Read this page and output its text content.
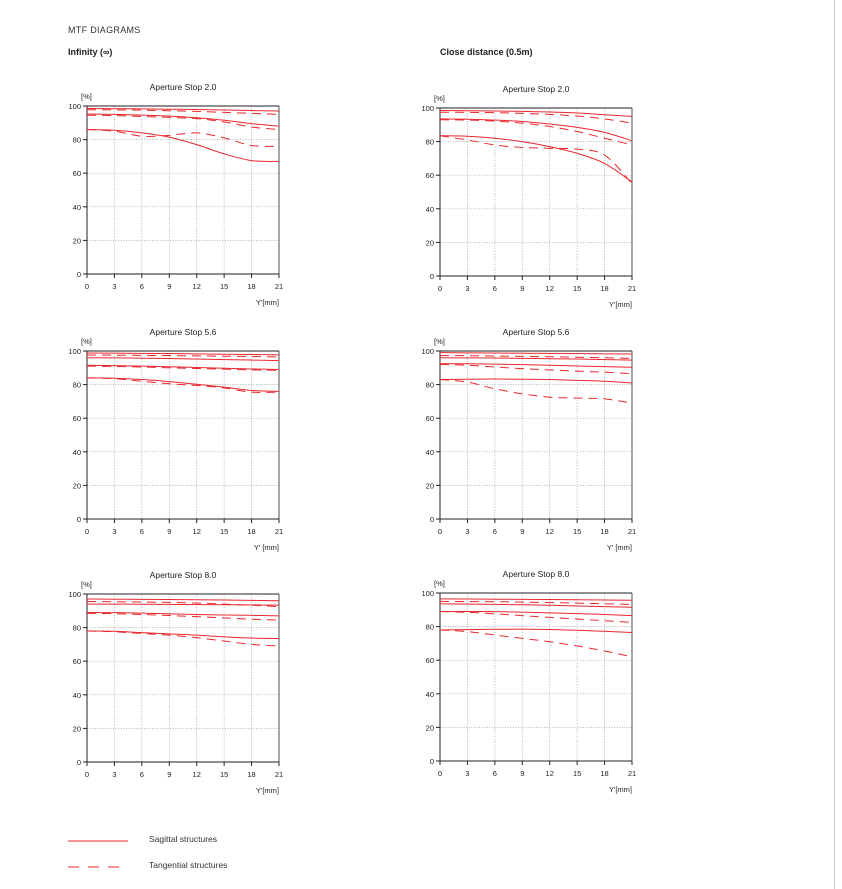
MTF DIAGRAMS
Infinity (∞)	Close distance (0.5m)
Aperture Stop 2.0
[%]
0
20
40
60
80
100
0	3	6	9	12	15	18	21
Y'[mm]
Aperture Stop 2.0
[%]
0
20
40
60
80
100
0	3	6	9	12	15	18	21
Y'[mm]
Aperture Stop 5.6
[%]
0
20
40
60
80
100
0	3	6	9	12	15	18	21
Y' [mm]
Aperture Stop 5.6
[%]
0
20
40
60
80
100
0	3	6	9	12	15	18	21
Y' [mm]
Aperture Stop 8.0
[%]
0
20
40
60
80
100
0	3	6	9	12	15	18	21
Y'[mm]
Aperture Stop 8.0
[%]
0
20
40
60
80
100
0	3	6	9	12	15	18	21
Y'[mm]
Sagittal structures
Tangential structures
